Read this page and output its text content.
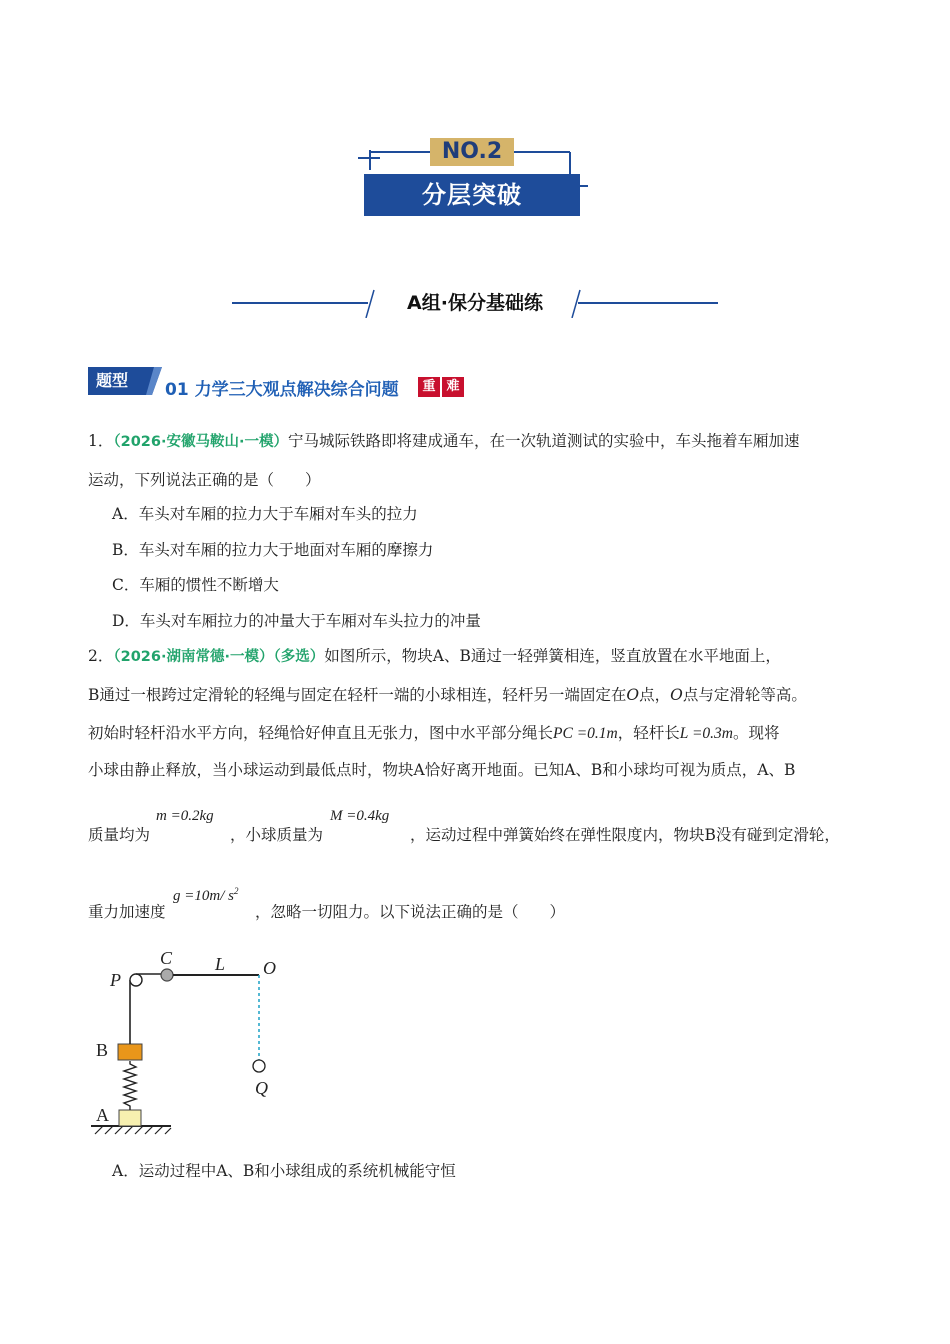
NO.2
分层突破
A组·保分基础练
题型	01 力学三大观点解决综合问题	重 难
1．（2026·安徽马鞍山·一模）宁马城际铁路即将建成通车，在一次轨道测试的实验中，车头拖着车厢加速
运动，下列说法正确的是（　　）
A．车头对车厢的拉力大于车厢对车头的拉力
B．车头对车厢的拉力大于地面对车厢的摩擦力
C．车厢的惯性不断增大
D．车头对车厢拉力的冲量大于车厢对车头拉力的冲量
2．（2026·湖南常德·一模）（多选）如图所示，物块A、B通过一轻弹簧相连，竖直放置在水平地面上，
B通过一根跨过定滑轮的轻绳与固定在轻杆一端的小球相连，轻杆另一端固定在O点，O点与定滑轮等高。
初始时轻杆沿水平方向，轻绳恰好伸直且无张力，图中水平部分绳长PC =0.1m，轻杆长L =0.3m。现将
小球由静止释放，当小球运动到最低点时，物块A恰好离开地面。已知A、B和小球均可视为质点，A、B
质量均为
m =0.2kg
，小球质量为
M =0.4kg
，运动过程中弹簧始终在弹性限度内，物块B没有碰到定滑轮，
重力加速度
g =10m/ $s^2$
，忽略一切阻力。以下说法正确的是（　　）
P
C L O
B
Q
A
A．运动过程中A、B和小球组成的系统机械能守恒
